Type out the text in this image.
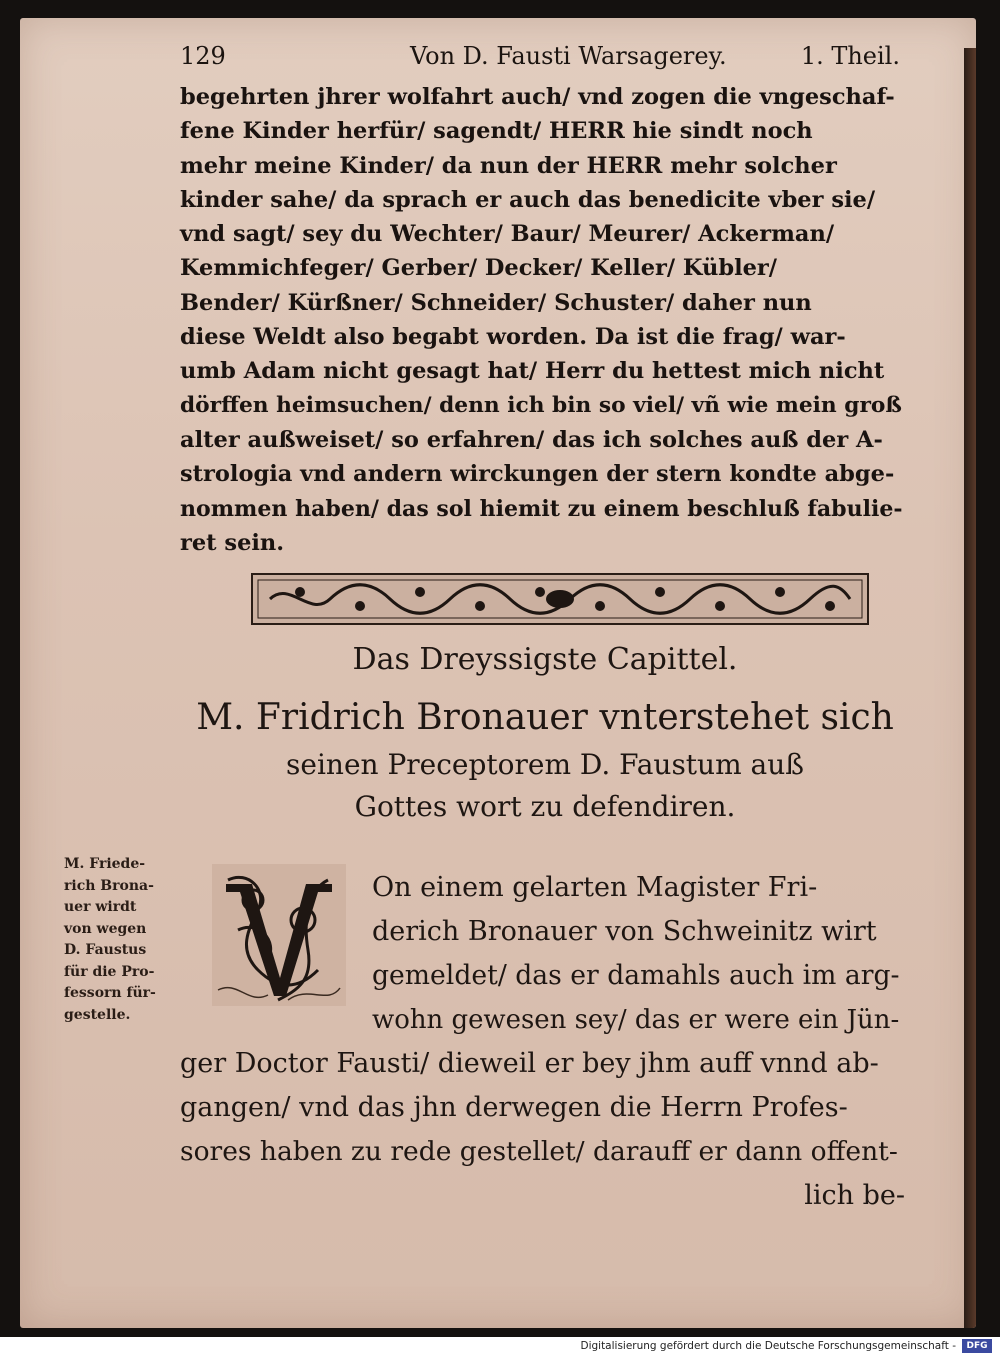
129	Von D. Fausti Warsagerey.	1. Theil.
begehrten jhrer wolfahrt auch/ vnd zogen die vngeschaf-
fene Kinder herfür/ sagendt/ HERR hie sindt noch
mehr meine Kinder/ da nun der HERR mehr solcher
kinder sahe/ da sprach er auch das benedicite vber sie/
vnd sagt/ sey du Wechter/ Baur/ Meurer/ Ackerman/
Kemmichfeger/ Gerber/ Decker/ Keller/ Kübler/
Bender/ Kürßner/ Schneider/ Schuster/ daher nun
diese Weldt also begabt worden. Da ist die frag/ war-
umb Adam nicht gesagt hat/ Herr du hettest mich nicht
dörffen heimsuchen/ denn ich bin so viel/ vñ wie mein groß
alter außweiset/ so erfahren/ das ich solches auß der A-
strologia vnd andern wirckungen der stern kondte abge-
nommen haben/ das sol hiemit zu einem beschluß fabulie-
ret sein.
Das Dreyssigste Capittel.
M. Fridrich Bronauer vnterstehet sich
seinen Preceptorem D. Faustum auß
Gottes wort zu defendiren.
M. Friede-
rich Brona-
uer wirdt
von wegen
D. Faustus
für die Pro-
fessorn für-
gestelle.
On einem gelarten Magister Fri-
derich Bronauer von Schweinitz wirt
gemeldet/ das er damahls auch im arg-
wohn gewesen sey/ das er were ein Jün-
ger Doctor Fausti/ dieweil er bey jhm auff vnnd ab-
gangen/ vnd das jhn derwegen die Herrn Profes-
sores haben zu rede gestellet/ darauff er dann offent-
lich be-
Digitalisierung gefördert durch die Deutsche Forschungsgemeinschaft -	DFG
